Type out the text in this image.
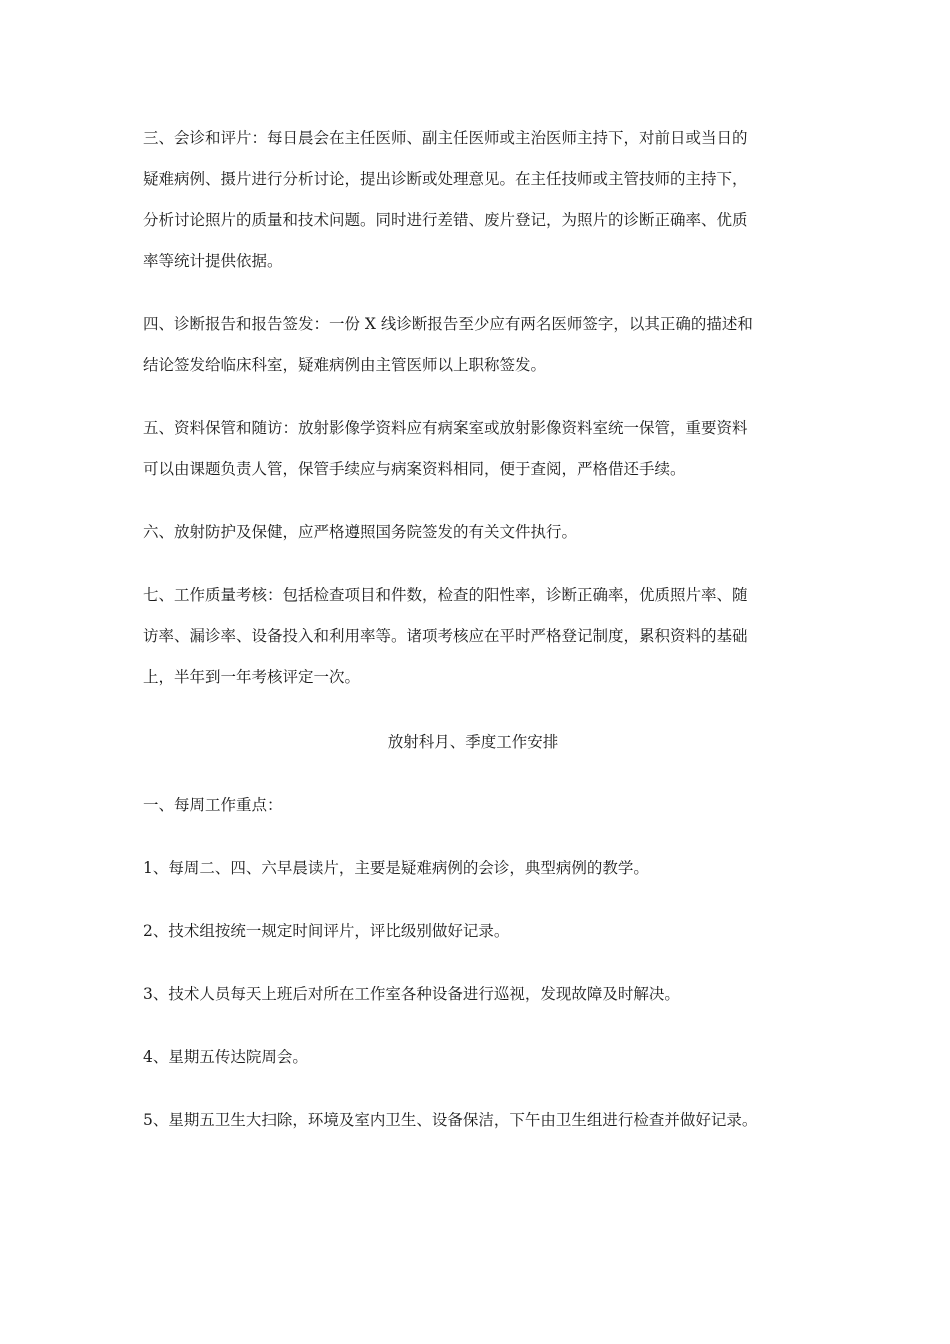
三、会诊和评片：每日晨会在主任医师、副主任医师或主治医师主持下，对前日或当日的

疑难病例、摄片进行分析讨论，提出诊断或处理意见。在主任技师或主管技师的主持下，

分析讨论照片的质量和技术问题。同时进行差错、废片登记，为照片的诊断正确率、优质

率等统计提供依据。

四、诊断报告和报告签发：一份 X 线诊断报告至少应有两名医师签字，以其正确的描述和

结论签发给临床科室，疑难病例由主管医师以上职称签发。

五、资料保管和随访：放射影像学资料应有病案室或放射影像资料室统一保管，重要资料

可以由课题负责人管，保管手续应与病案资料相同，便于查阅，严格借还手续。

六、放射防护及保健，应严格遵照国务院签发的有关文件执行。

七、工作质量考核：包括检查项目和件数，检查的阳性率，诊断正确率，优质照片率、随

访率、漏诊率、设备投入和利用率等。诸项考核应在平时严格登记制度，累积资料的基础

上，半年到一年考核评定一次。

放射科月、季度工作安排

一、每周工作重点：

1、每周二、四、六早晨读片，主要是疑难病例的会诊，典型病例的教学。

2、技术组按统一规定时间评片，评比级别做好记录。

3、技术人员每天上班后对所在工作室各种设备进行巡视，发现故障及时解决。

4、星期五传达院周会。

5、星期五卫生大扫除，环境及室内卫生、设备保洁，下午由卫生组进行检查并做好记录。
